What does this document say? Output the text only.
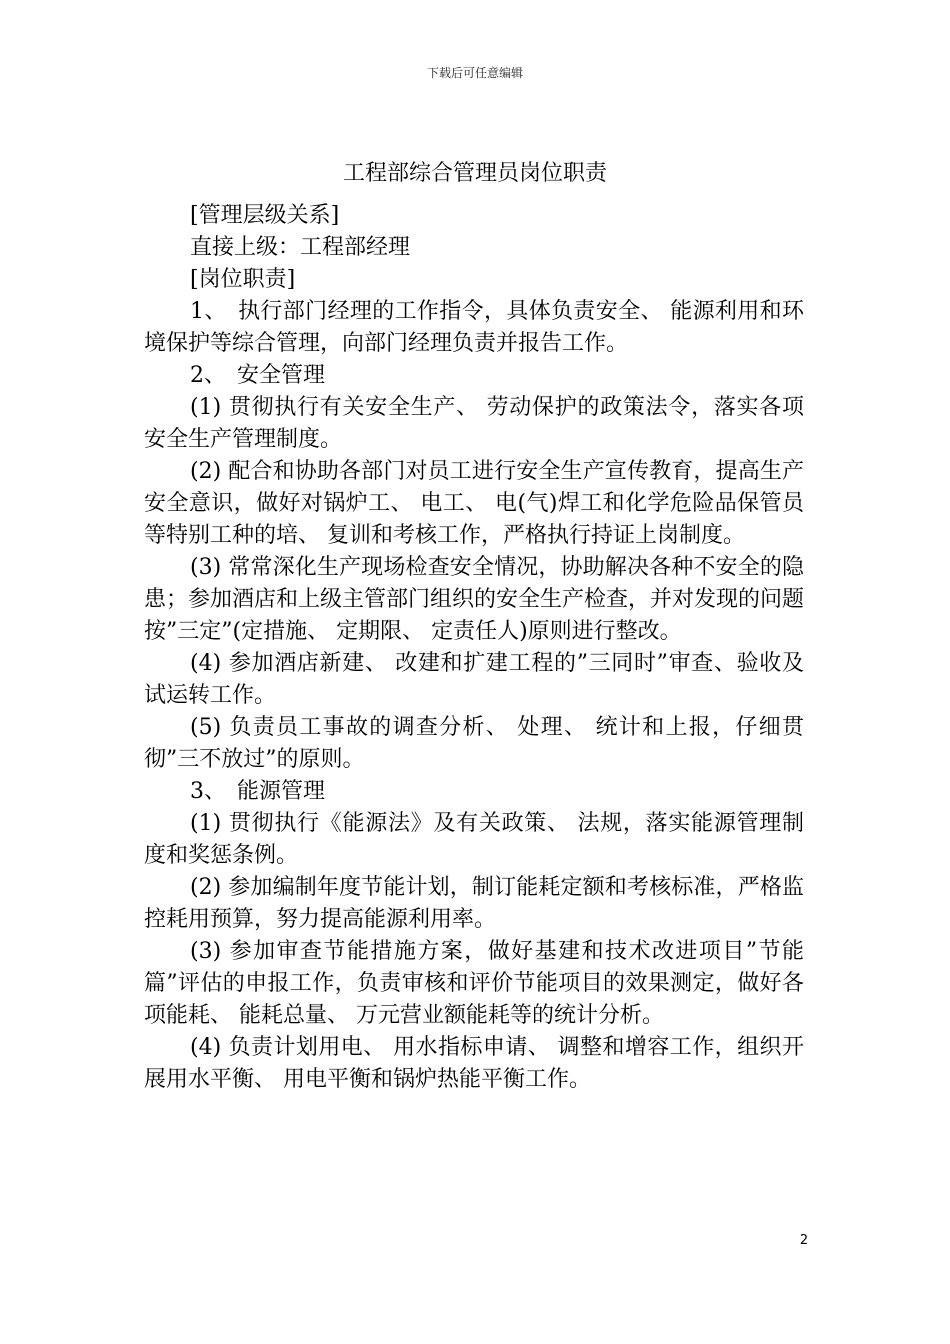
下载后可任意编辑
工程部综合管理员岗位职责

[管理层级关系]

直接上级：工程部经理

[岗位职责]

1、　执行部门经理的工作指令，具体负责安全、 能源利用和环境保护等综合管理，向部门经理负责并报告工作。

2、　安全管理

(1) 贯彻执行有关安全生产、 劳动保护的政策法令，落实各项安全生产管理制度。

(2) 配合和协助各部门对员工进行安全生产宣传教育，提高生产安全意识，做好对锅炉工、 电工、 电(气)焊工和化学危险品保管员等特别工种的培、 复训和考核工作，严格执行持证上岗制度。

(3) 常常深化生产现场检查安全情况，协助解决各种不安全的隐患；参加酒店和上级主管部门组织的安全生产检查，并对发现的问题按”三定”(定措施、 定期限、 定责任人)原则进行整改。

(4) 参加酒店新建、 改建和扩建工程的”三同时”审查、验收及试运转工作。

(5) 负责员工事故的调查分析、 处理、 统计和上报，仔细贯彻”三不放过”的原则。

3、　能源管理

(1) 贯彻执行《能源法》及有关政策、 法规，落实能源管理制度和奖惩条例。

(2) 参加编制年度节能计划，制订能耗定额和考核标准，严格监控耗用预算，努力提高能源利用率。

(3) 参加审查节能措施方案，做好基建和技术改进项目”节能篇”评估的申报工作，负责审核和评价节能项目的效果测定，做好各项能耗、 能耗总量、 万元营业额能耗等的统计分析。

(4) 负责计划用电、 用水指标申请、 调整和增容工作，组织开展用水平衡、 用电平衡和锅炉热能平衡工作。

2
